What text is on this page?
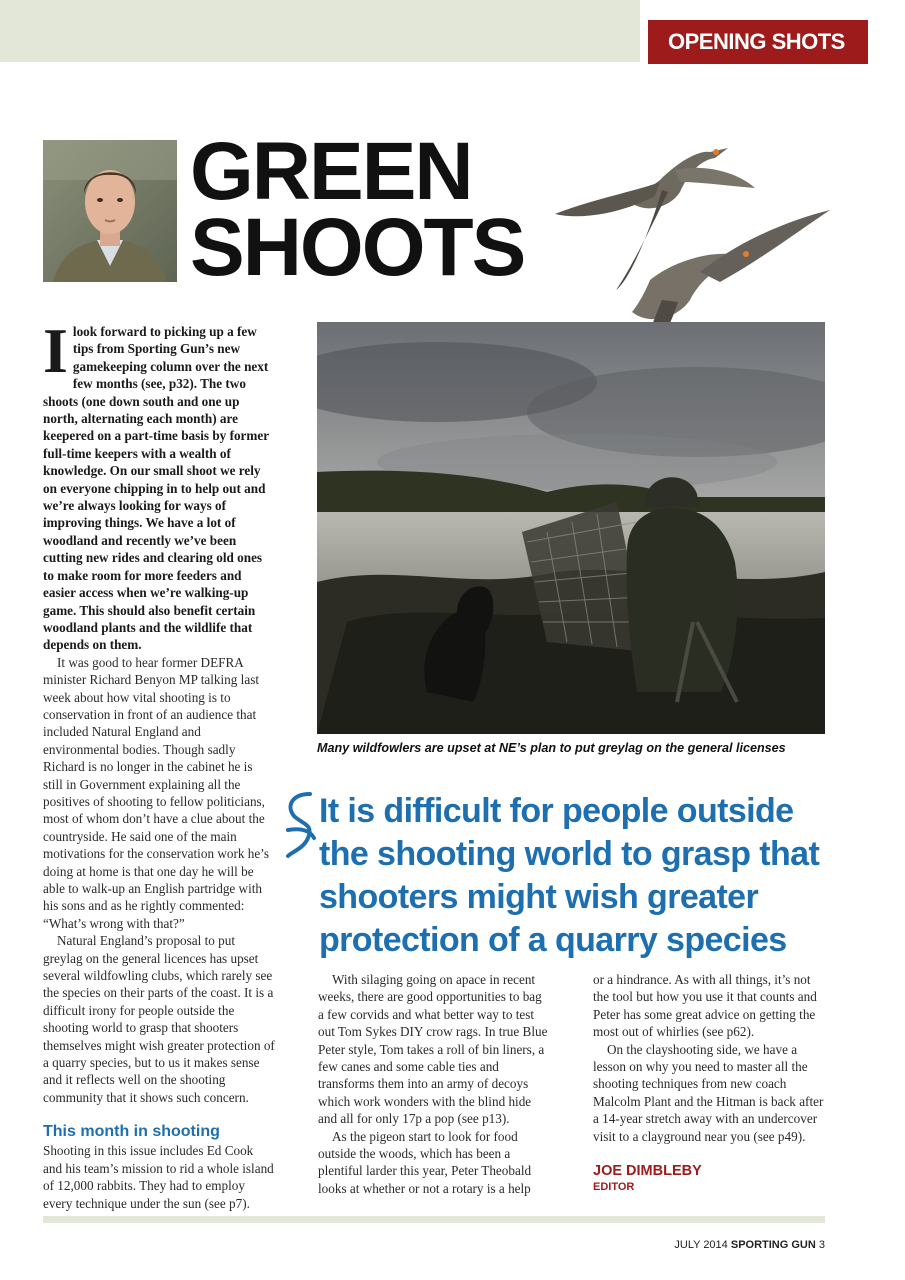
OPENING SHOTS
GREEN
SHOOTS
Many wildfowlers are upset at NE’s plan to put greylag on the general licenses

It is difficult for people outside the shooting world to grasp that shooters might wish greater protection of a quarry species

Ilook forward to picking up a few tips from Sporting Gun’s new gamekeeping column over the next few months (see, p32). The two shoots (one down south and one up north, alternating each month) are keepered on a part-time basis by former full-time keepers with a wealth of knowledge. On our small shoot we rely on everyone chipping in to help out and we’re always looking for ways of improving things. We have a lot of woodland and recently we’ve been cutting new rides and clearing old ones to make room for more feeders and easier access when we’re walking-up game. This should also benefit certain woodland plants and the wildlife that depends on them.

It was good to hear former DEFRA minister Richard Benyon MP talking last week about how vital shooting is to conservation in front of an audience that included Natural England and environmental bodies. Though sadly Richard is no longer in the cabinet he is still in Government explaining all the positives of shooting to fellow politicians, most of whom don’t have a clue about the countryside. He said one of the main motivations for the conservation work he’s doing at home is that one day he will be able to walk-up an English partridge with his sons and as he rightly commented: “What’s wrong with that?”

Natural England’s proposal to put greylag on the general licences has upset several wildfowling clubs, which rarely see the species on their parts of the coast. It is a difficult irony for people outside the shooting world to grasp that shooters themselves might wish greater protection of a quarry species, but to us it makes sense and it reflects well on the shooting community that it shows such concern.

This month in shooting

Shooting in this issue includes Ed Cook and his team’s mission to rid a whole island of 12,000 rabbits. They had to employ every technique under the sun (see p7).

With silaging going on apace in recent weeks, there are good opportunities to bag a few corvids and what better way to test out Tom Sykes DIY crow rags. In true Blue Peter style, Tom takes a roll of bin liners, a few canes and some cable ties and transforms them into an army of decoys which work wonders with the blind hide and all for only 17p a pop (see p13).

As the pigeon start to look for food outside the woods, which has been a plentiful larder this year, Peter Theobald looks at whether or not a rotary is a help

or a hindrance. As with all things, it’s not the tool but how you use it that counts and Peter has some great advice on getting the most out of whirlies (see p62).

On the clayshooting side, we have a lesson on why you need to master all the shooting techniques from new coach Malcolm Plant and the Hitman is back after a 14-year stretch away with an undercover visit to a clayground near you (see p49).

JOE DIMBLEBY
EDITOR
JULY 2014 SPORTING GUN 3
